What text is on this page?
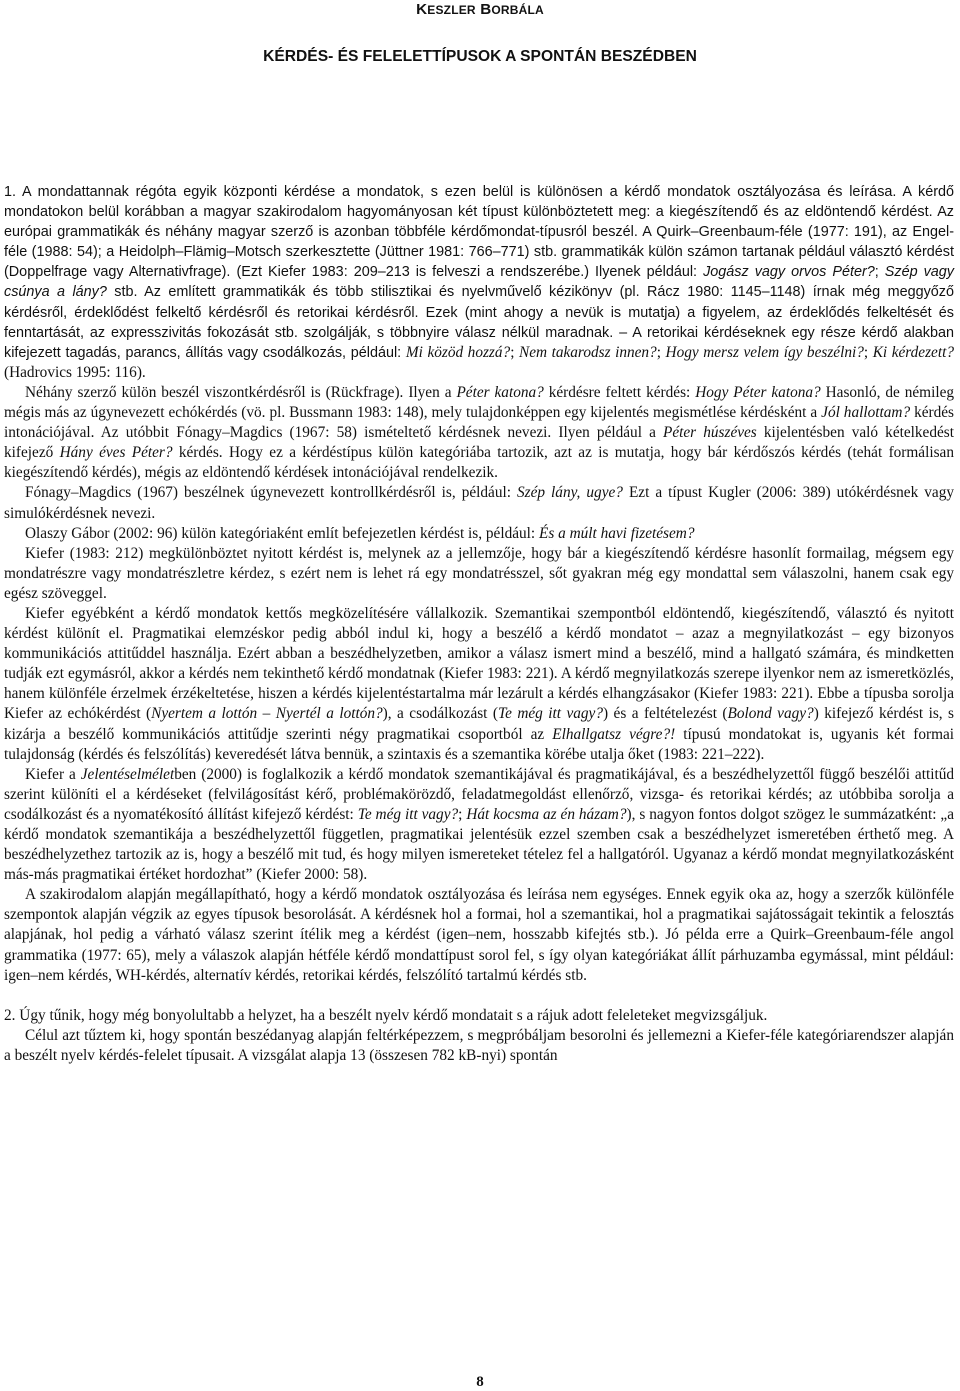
KESZLER BORBÁLA
KÉRDÉS- ÉS FELELETTÍPUSOK A SPONTÁN BESZÉDBEN

1. A mondattannak régóta egyik központi kérdése a mondatok, s ezen belül is különösen a kérdő mondatok osztályozása és leírása. A kérdő mondatokon belül korábban a magyar szakirodalom hagyományosan két típust különböztetett meg: a kiegészítendő és az eldöntendő kérdést. Az európai grammatikák és néhány magyar szerző is azonban többféle kérdőmondat-típusról beszél. A Quirk–Greenbaum-féle (1977: 191), az Engel-féle (1988: 54); a Heidolph–Flämig–Motsch szerkesztette (Jüttner 1981: 766–771) stb. grammatikák külön számon tartanak például választó kérdést (Doppelfrage vagy Alternativfrage). (Ezt Kiefer 1983: 209–213 is felveszi a rendszerébe.) Ilyenek például: Jogász vagy orvos Péter?; Szép vagy csúnya a lány? stb. Az említett grammatikák és több stilisztikai és nyelvművelő kézikönyv (pl. Rácz 1980: 1145–1148) írnak még meggyőző kérdésről, érdeklődést felkeltő kérdésről és retorikai kérdésről. Ezek (mint ahogy a nevük is mutatja) a figyelem, az érdeklődés felkeltését és fenntartását, az expresszivitás fokozását stb. szolgálják, s többnyire válasz nélkül maradnak. – A retorikai kérdéseknek egy része kérdő alakban kifejezett tagadás, parancs, állítás vagy csodálkozás, például: Mi közöd hozzá?; Nem takarodsz innen?; Hogy mersz velem így beszélni?; Ki kérdezett? (Hadrovics 1995: 116).

Néhány szerző külön beszél viszontkérdésről is (Rückfrage). Ilyen a Péter katona? kérdésre feltett kérdés: Hogy Péter katona? Hasonló, de némileg mégis más az úgynevezett echókérdés (vö. pl. Bussmann 1983: 148), mely tulajdonképpen egy kijelentés megismétlése kérdésként a Jól hallottam? kérdés intonációjával. Az utóbbit Fónagy–Magdics (1967: 58) ismételtető kérdésnek nevezi. Ilyen például a Péter húszéves kijelentésben való kételkedést kifejező Hány éves Péter? kérdés. Hogy ez a kérdéstípus külön kategóriába tartozik, azt az is mutatja, hogy bár kérdőszós kérdés (tehát formálisan kiegészítendő kérdés), mégis az eldöntendő kérdések intonációjával rendelkezik.

Fónagy–Magdics (1967) beszélnek úgynevezett kontrollkérdésről is, például: Szép lány, ugye? Ezt a típust Kugler (2006: 389) utókérdésnek vagy simulókérdésnek nevezi.

Olaszy Gábor (2002: 96) külön kategóriaként említ befejezetlen kérdést is, például: És a múlt havi fizetésem?

Kiefer (1983: 212) megkülönböztet nyitott kérdést is, melynek az a jellemzője, hogy bár a kiegészítendő kérdésre hasonlít formailag, mégsem egy mondatrészre vagy mondatrészletre kérdez, s ezért nem is lehet rá egy mondatrésszel, sőt gyakran még egy mondattal sem válaszolni, hanem csak egy egész szöveggel.

Kiefer egyébként a kérdő mondatok kettős megközelítésére vállalkozik. Szemantikai szempontból eldöntendő, kiegészítendő, választó és nyitott kérdést különít el. Pragmatikai elemzéskor pedig abból indul ki, hogy a beszélő a kérdő mondatot – azaz a megnyilatkozást – egy bizonyos kommunikációs attitűddel használja. Ezért abban a beszédhelyzetben, amikor a válasz ismert mind a beszélő, mind a hallgató számára, és mindketten tudják ezt egymásról, akkor a kérdés nem tekinthető kérdő mondatnak (Kiefer 1983: 221). A kérdő megnyilatkozás szerepe ilyenkor nem az ismeretközlés, hanem különféle érzelmek érzékeltetése, hiszen a kérdés kijelentéstartalma már lezárult a kérdés elhangzásakor (Kiefer 1983: 221). Ebbe a típusba sorolja Kiefer az echókérdést (Nyertem a lottón – Nyertél a lottón?), a csodálkozást (Te még itt vagy?) és a feltételezést (Bolond vagy?) kifejező kérdést is, s kizárja a beszélő kommunikációs attitűdje szerinti négy pragmatikai csoportból az Elhallgatsz végre?! típusú mondatokat is, ugyanis két formai tulajdonság (kérdés és felszólítás) keveredését látva bennük, a szintaxis és a szemantika körébe utalja őket (1983: 221–222).

Kiefer a Jelentéselméletben (2000) is foglalkozik a kérdő mondatok szemantikájával és pragmatikájával, és a beszédhelyzettől függő beszélői attitűd szerint különíti el a kérdéseket (felvilágosítást kérő, problémakörözdő, feladatmegoldást ellenőrző, vizsga- és retorikai kérdés; az utóbbiba sorolja a csodálkozást és a nyomatékosító állítást kifejező kérdést: Te még itt vagy?; Hát kocsma az én házam?), s nagyon fontos dolgot szögez le summázatként: „a kérdő mondatok szemantikája a beszédhelyzettől független, pragmatikai jelentésük ezzel szemben csak a beszédhelyzet ismeretében érthető meg. A beszédhelyzethez tartozik az is, hogy a beszélő mit tud, és hogy milyen ismereteket tételez fel a hallgatóról. Ugyanaz a kérdő mondat megnyilatkozásként más-más pragmatikai értéket hordozhat” (Kiefer 2000: 58).

A szakirodalom alapján megállapítható, hogy a kérdő mondatok osztályozása és leírása nem egységes. Ennek egyik oka az, hogy a szerzők különféle szempontok alapján végzik az egyes típusok besorolását. A kérdésnek hol a formai, hol a szemantikai, hol a pragmatikai sajátosságait tekintik a felosztás alapjának, hol pedig a várható válasz szerint ítélik meg a kérdést (igen–nem, hosszabb kifejtés stb.). Jó példa erre a Quirk–Greenbaum-féle angol grammatika (1977: 65), mely a válaszok alapján hétféle kérdő mondattípust sorol fel, s így olyan kategóriákat állít párhuzamba egymással, mint például: igen–nem kérdés, WH-kérdés, alternatív kérdés, retorikai kérdés, felszólító tartalmú kérdés stb.

2. Úgy tűnik, hogy még bonyolultabb a helyzet, ha a beszélt nyelv kérdő mondatait s a rájuk adott feleleteket megvizsgáljuk.

Célul azt tűztem ki, hogy spontán beszédanyag alapján feltérképezzem, s megpróbáljam besorolni és jellemezni a Kiefer-féle kategóriarendszer alapján a beszélt nyelv kérdés-felelet típusait. A vizsgálat alapja 13 (összesen 782 kB-nyi) spontán

8
